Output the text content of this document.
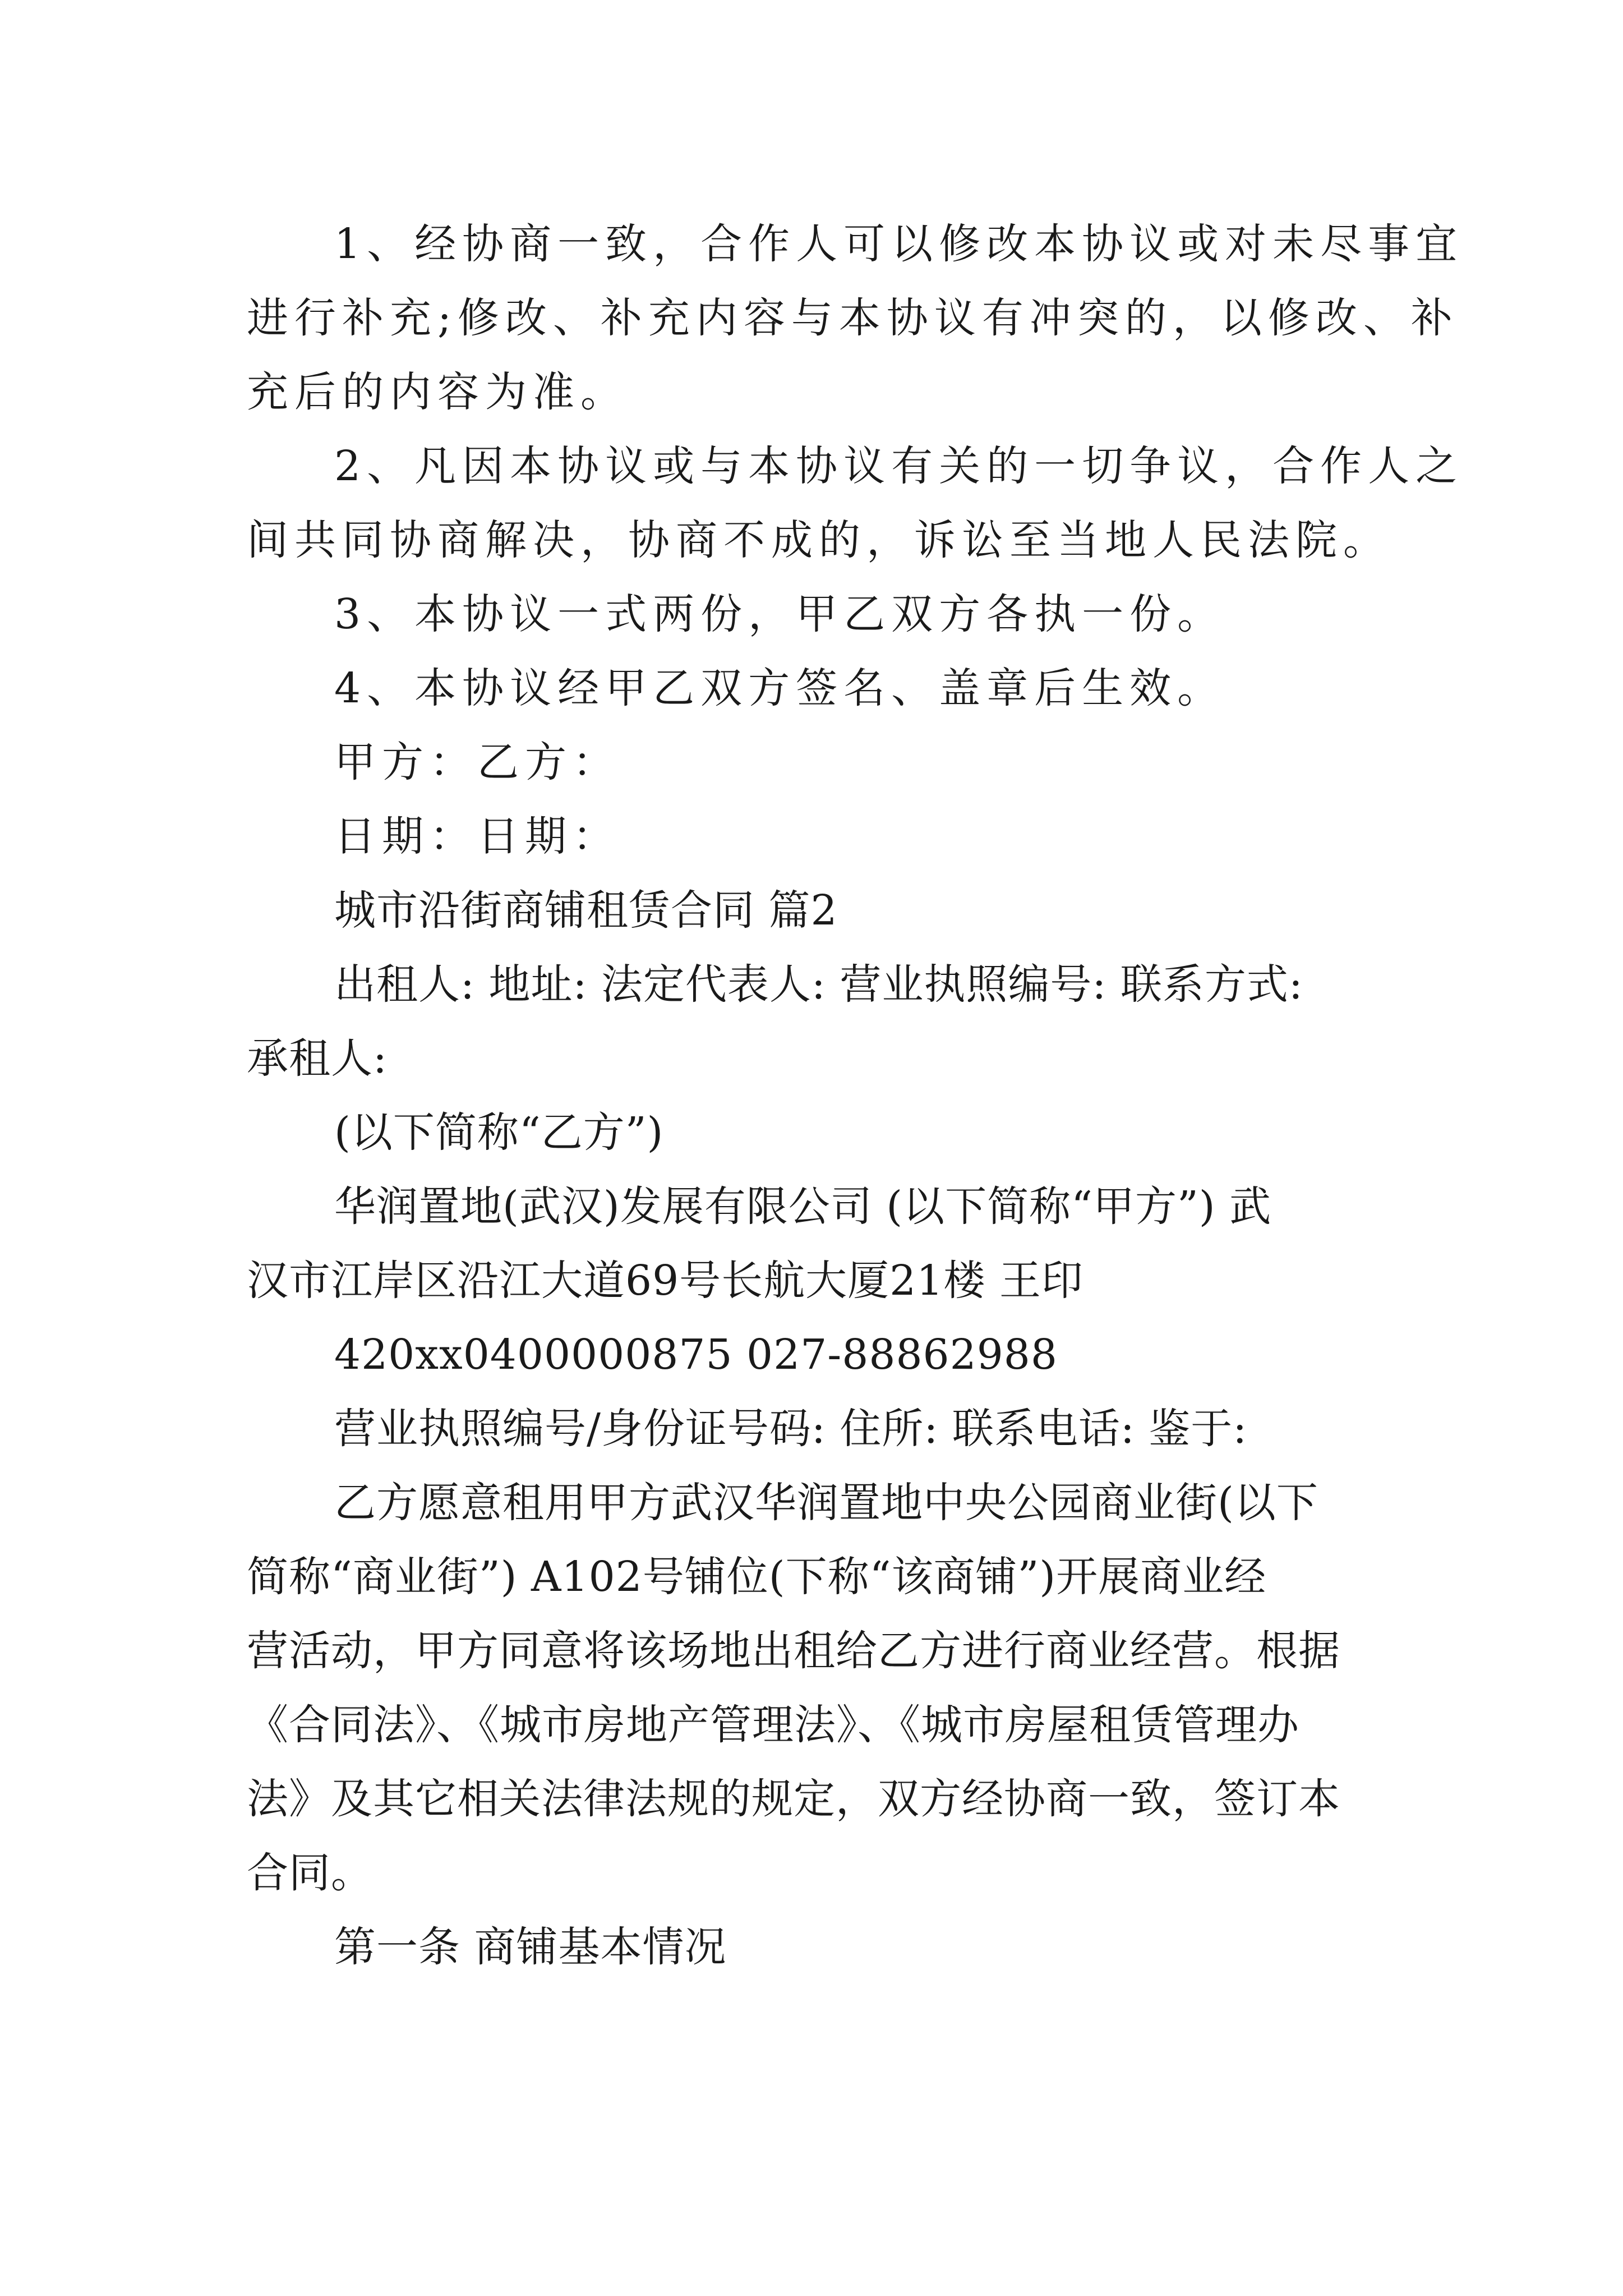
1、经协商一致，合作人可以修改本协议或对未尽事宜
进行补充;修改、补充内容与本协议有冲突的，以修改、补
充后的内容为准。
2、凡因本协议或与本协议有关的一切争议，合作人之
间共同协商解决，协商不成的，诉讼至当地人民法院。
3、本协议一式两份，甲乙双方各执一份。
4、本协议经甲乙双方签名、盖章后生效。
甲方：乙方：
日期：日期：
城市沿街商铺租赁合同 篇2
出租人: 地址: 法定代表人: 营业执照编号: 联系方式:
承租人:
(以下简称“乙方”)
华润置地(武汉)发展有限公司 (以下简称“甲方”) 武
汉市江岸区沿江大道69号长航大厦21楼 王印
420xx0400000875 027-88862988
营业执照编号/身份证号码: 住所: 联系电话: 鉴于:
乙方愿意租用甲方武汉华润置地中央公园商业街(以下
简称“商业街”) A102号铺位(下称“该商铺”)开展商业经
营活动，甲方同意将该场地出租给乙方进行商业经营。根据
《合同法》、《城市房地产管理法》、《城市房屋租赁管理办
法》及其它相关法律法规的规定，双方经协商一致，签订本
合同。
第一条 商铺基本情况
